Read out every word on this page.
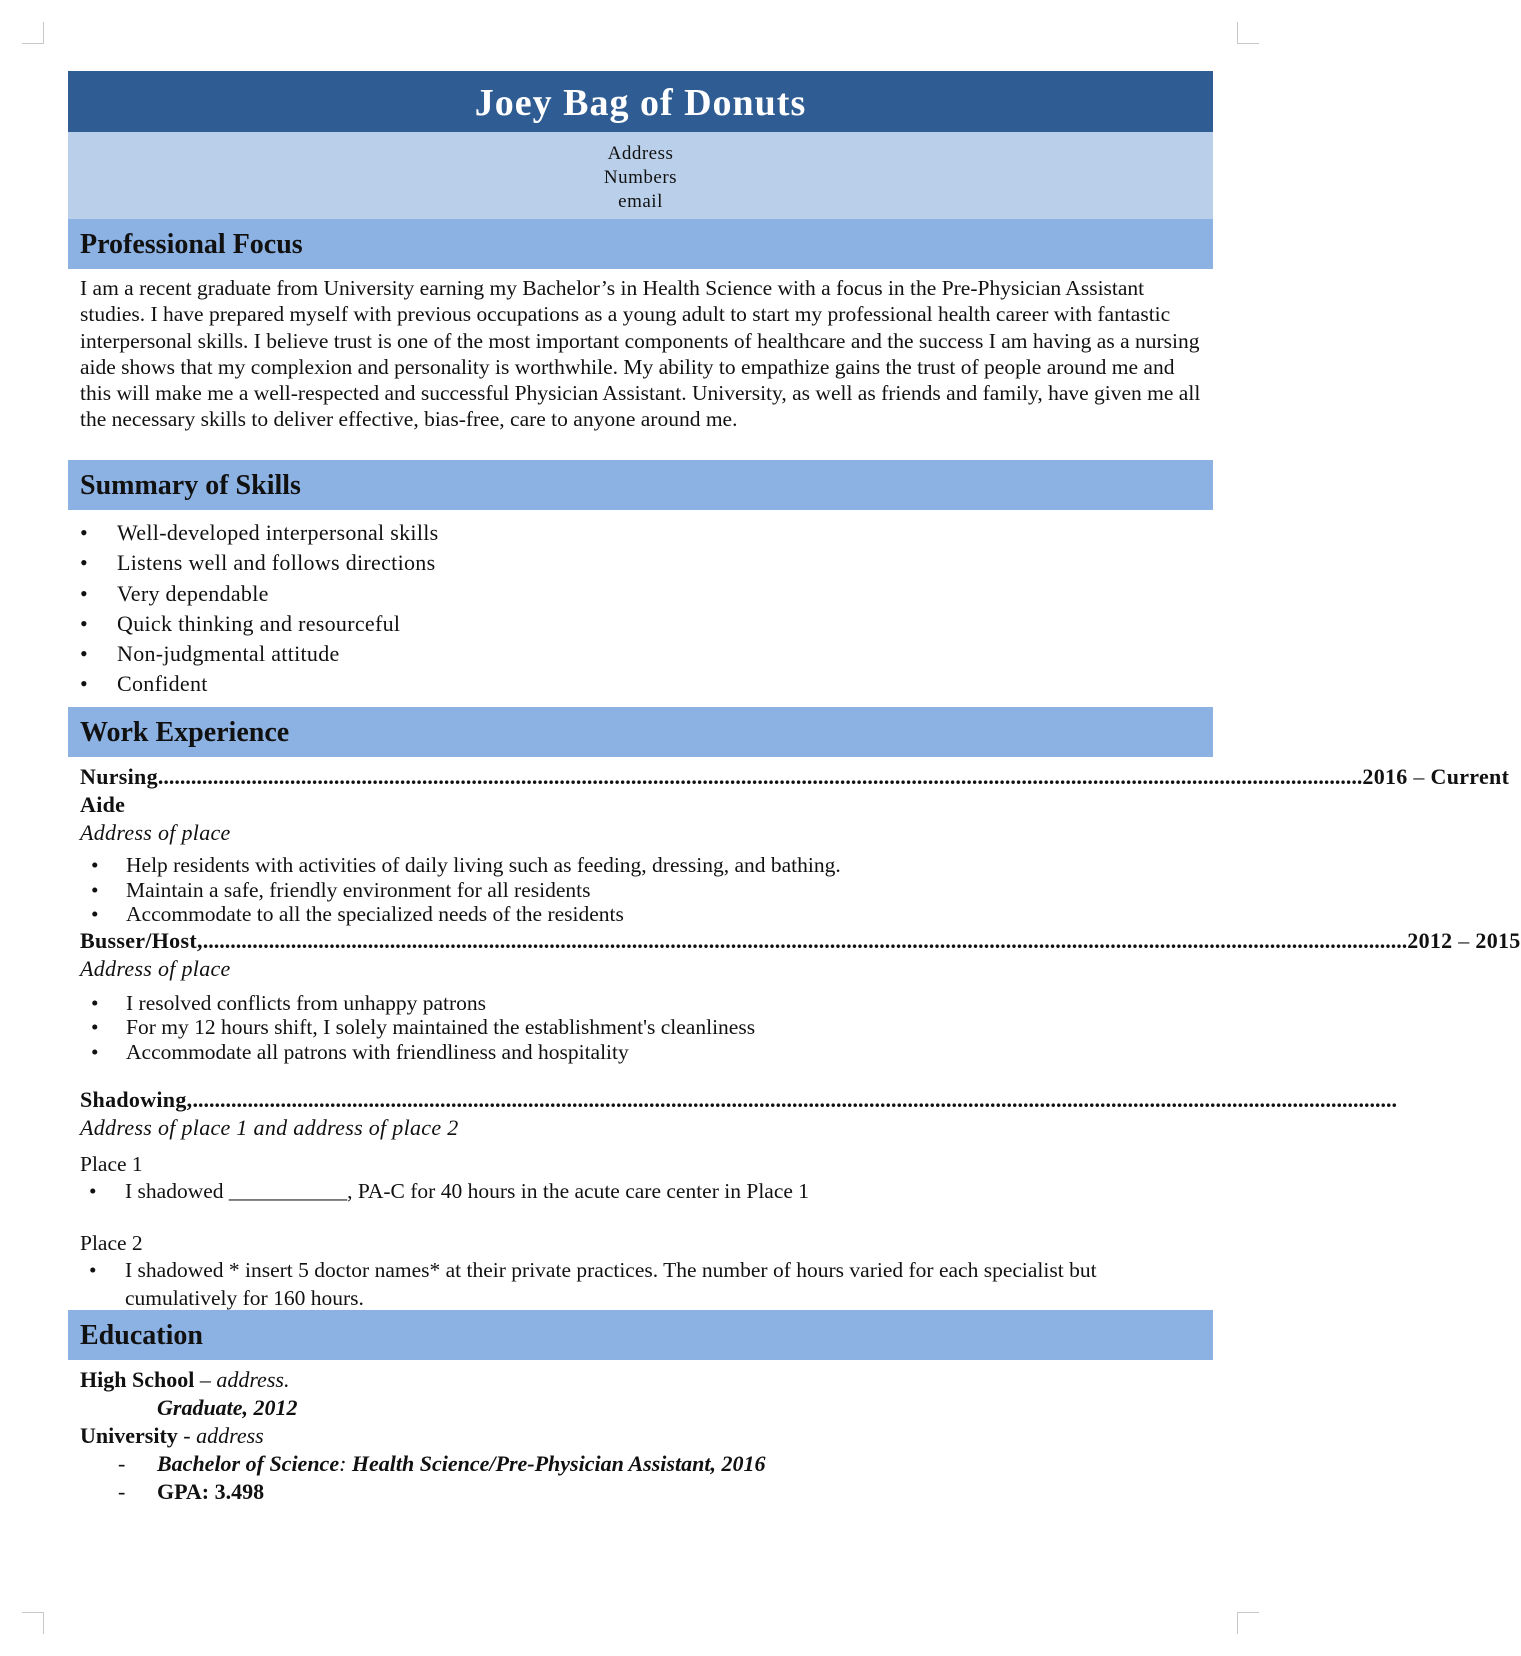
Joey Bag of Donuts
Address
Numbers
email
Professional Focus
I am a recent graduate from University earning my Bachelor’s in Health Science with a focus in the Pre-Physician Assistant studies. I have prepared myself with previous occupations as a young adult to start my professional health career with fantastic interpersonal skills. I believe trust is one of the most important components of healthcare and the success I am having as a nursing aide shows that my complexion and personality is worthwhile. My ability to empathize gains the trust of people around me and this will make me a well-respected and successful Physician Assistant. University, as well as friends and family, have given me all the necessary skills to deliver effective, bias-free, care to anyone around me.
Summary of Skills
• Well-developed interpersonal skills
• Listens well and follows directions
• Very dependable
• Quick thinking and resourceful
• Non-judgmental attitude
• Confident
Work Experience
Nursing Aide
........................................................................................................................................................................................................................... 2016 – Current
Address of place
• Help residents with activities of daily living such as feeding, dressing, and bathing.
• Maintain a safe, friendly environment for all residents
• Accommodate to all the specialized needs of the residents
Busser/Host, ........................................................................................................................................................................................................................... 2012 – 2015
Address of place
• I resolved conflicts from unhappy patrons
• For my 12 hours shift, I solely maintained the establishment's cleanliness
• Accommodate all patrons with friendliness and hospitality
Shadowing, ...........................................................................................................................................................................................................................
Address of place 1 and address of place 2
Place 1
• I shadowed ___________, PA-C for 40 hours in the acute care center in Place 1
Place 2
• I shadowed * insert 5 doctor names* at their private practices. The number of hours varied for each specialist but cumulatively for 160 hours.
Education
High School – address.
Graduate, 2012
University - address
- Bachelor of Science: Health Science/Pre-Physician Assistant, 2016
- GPA: 3.498
